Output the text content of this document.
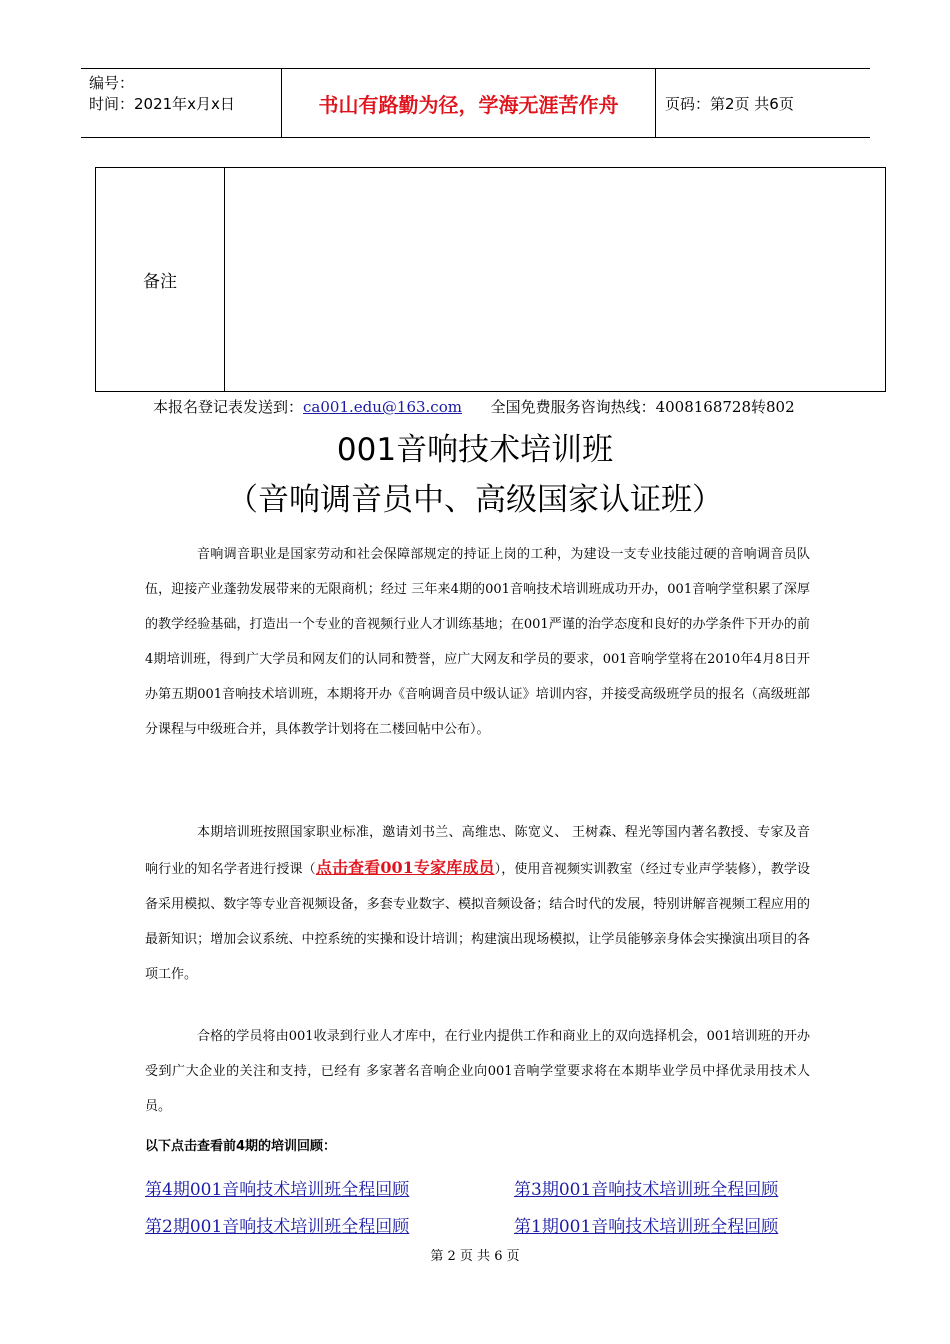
编号：
时间：2021年x月x日	书山有路勤为径，学海无涯苦作舟	页码：第2页 共6页
备注
本报名登记表发送到：ca001.edu@163.com 全国免费服务咨询热线：4008168728转802
001音响技术培训班
（音响调音员中、高级国家认证班）
音响调音职业是国家劳动和社会保障部规定的持证上岗的工种，为建设一支专业技能过硬的音响调音员队伍，迎接产业蓬勃发展带来的无限商机；经过 三年来4期的001音响技术培训班成功开办，001音响学堂积累了深厚的教学经验基础，打造出一个专业的音视频行业人才训练基地；在001严谨的治学态度和良好的办学条件下开办的前4期培训班，得到广大学员和网友们的认同和赞誉，应广大网友和学员的要求，001音响学堂将在2010年4月8日开办第五期001音响技术培训班，本期将开办《音响调音员中级认证》培训内容，并接受高级班学员的报名（高级班部分课程与中级班合并，具体教学计划将在二楼回帖中公布）。
本期培训班按照国家职业标准，邀请刘书兰、高维忠、陈宽义、 王树森、程光等国内著名教授、专家及音响行业的知名学者进行授课（点击查看001专家库成员），使用音视频实训教室（经过专业声学装修），教学设备采用模拟、数字等专业音视频设备，多套专业数字、模拟音频设备；结合时代的发展，特别讲解音视频工程应用的最新知识；增加会议系统、中控系统的实操和设计培训；构建演出现场模拟，让学员能够亲身体会实操演出项目的各项工作。
合格的学员将由001收录到行业人才库中，在行业内提供工作和商业上的双向选择机会，001培训班的开办受到广大企业的关注和支持，已经有 多家著名音响企业向001音响学堂要求将在本期毕业学员中择优录用技术人员。
以下点击查看前4期的培训回顾：
第4期001音响技术培训班全程回顾	第3期001音响技术培训班全程回顾
第2期001音响技术培训班全程回顾	第1期001音响技术培训班全程回顾
第 2 页 共 6 页
